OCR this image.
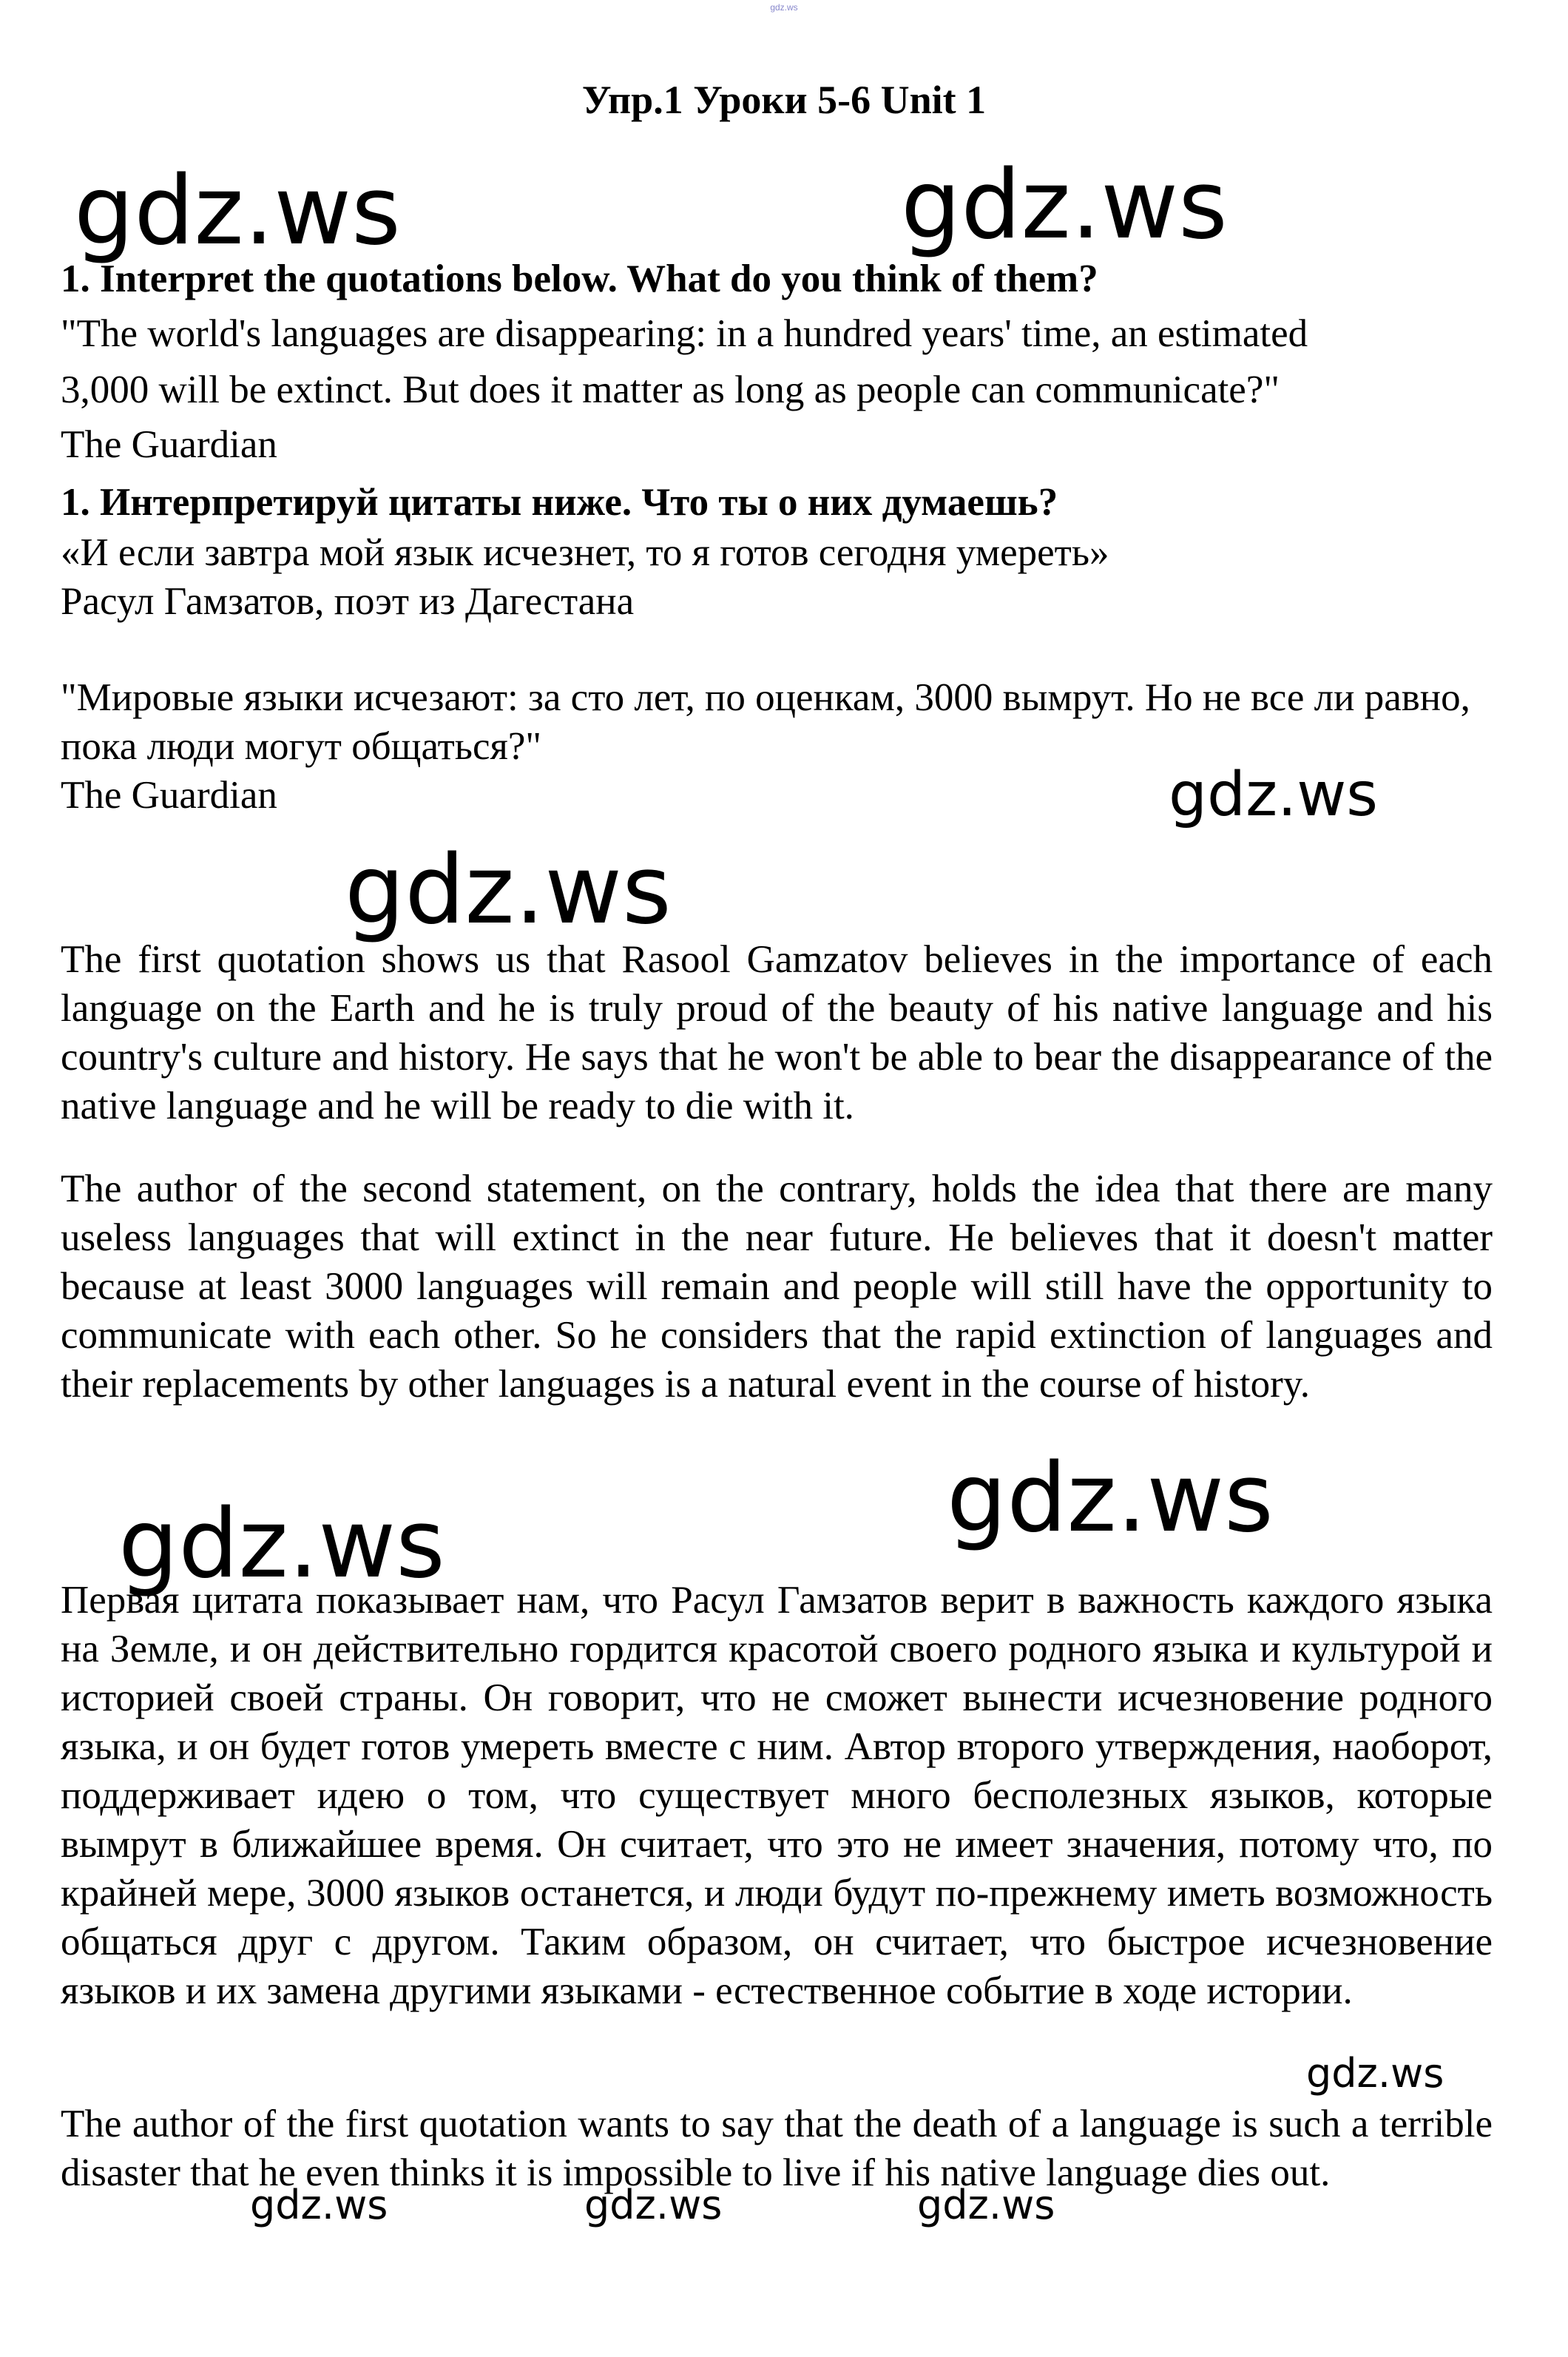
gdz.ws
Упр.1 Уроки 5-6 Unit 1
gdz.ws	gdz.ws
1. Interpret the quotations below. What do you think of them?
"The world's languages are disappearing: in a hundred years' time, an estimated
3,000 will be extinct. But does it matter as long as people can communicate?"
The Guardian
1. Интерпретируй цитаты ниже. Что ты о них думаешь?
«И если завтра мой язык исчезнет, то я готов сегодня умереть»
Расул Гамзатов, поэт из Дагестана
"Мировые языки исчезают: за сто лет, по оценкам, 3000 вымрут. Но не все ли равно, пока люди могут общаться?"
The Guardian	gdz.ws
gdz.ws
The first quotation shows us that Rasool Gamzatov believes in the importance of each language on the Earth and he is truly proud of the beauty of his native language and his country's culture and history. He says that he won't be able to bear the disappearance of the native language and he will be ready to die with it.
The author of the second statement, on the contrary, holds the idea that there are many useless languages that will extinct in the near future. He believes that it doesn't matter because at least 3000 languages will remain and people will still have the opportunity to communicate with each other. So he considers that the rapid extinction of languages and their replacements by other languages is a natural event in the course of history.
gdz.ws
gdz.ws
Первая цитата показывает нам, что Расул Гамзатов верит в важность каждого языка на Земле, и он действительно гордится красотой своего родного языка и культурой и историей своей страны. Он говорит, что не сможет вынести исчезновение родного языка, и он будет готов умереть вместе с ним. Автор второго утверждения, наоборот, поддерживает идею о том, что существует много бесполезных языков, которые вымрут в ближайшее время. Он считает, что это не имеет значения, потому что, по крайней мере, 3000 языков останется, и люди будут по-прежнему иметь возможность общаться друг с другом. Таким образом, он считает, что быстрое исчезновение языков и их замена другими языками - естественное событие в ходе истории.
gdz.ws
The author of the first quotation wants to say that the death of a language is such a terrible disaster that he even thinks it is impossible to live if his native language dies out.
gdz.ws	gdz.ws	gdz.ws
